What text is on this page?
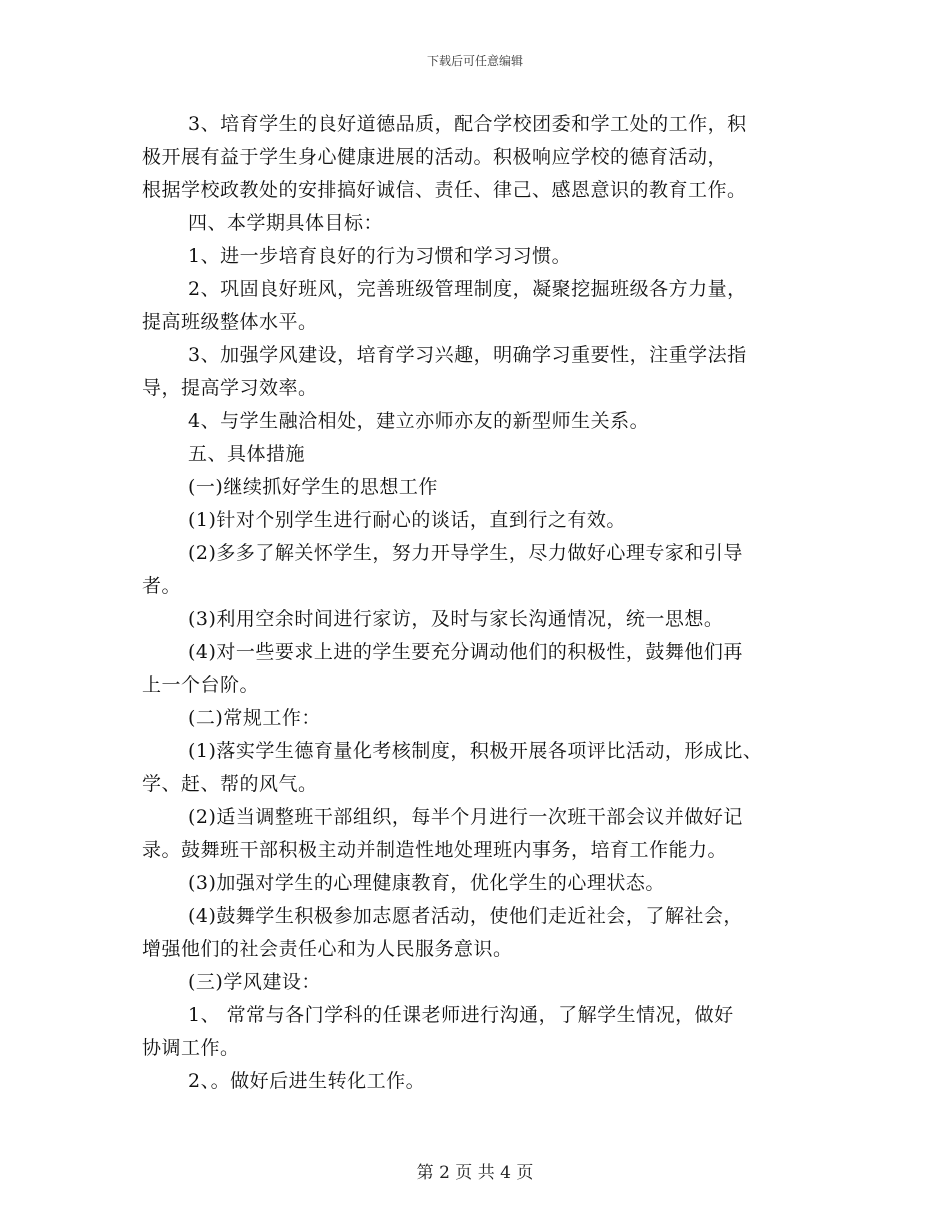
下载后可任意编辑

3、培育学生的良好道德品质，配合学校团委和学工处的工作，积

极开展有益于学生身心健康进展的活动。积极响应学校的德育活动，

根据学校政教处的安排搞好诚信、责任、律己、感恩意识的教育工作。

四、本学期具体目标：

1、进一步培育良好的行为习惯和学习习惯。

2、巩固良好班风，完善班级管理制度，凝聚挖掘班级各方力量，

提高班级整体水平。

3、加强学风建设，培育学习兴趣，明确学习重要性，注重学法指

导，提高学习效率。

4、与学生融洽相处，建立亦师亦友的新型师生关系。

五、具体措施

(一)继续抓好学生的思想工作

(1)针对个别学生进行耐心的谈话，直到行之有效。

(2)多多了解关怀学生，努力开导学生，尽力做好心理专家和引导

者。

(3)利用空余时间进行家访，及时与家长沟通情况，统一思想。

(4)对一些要求上进的学生要充分调动他们的积极性，鼓舞他们再

上一个台阶。

(二)常规工作：

(1)落实学生德育量化考核制度，积极开展各项评比活动，形成比、

学、赶、帮的风气。

(2)适当调整班干部组织，每半个月进行一次班干部会议并做好记

录。鼓舞班干部积极主动并制造性地处理班内事务，培育工作能力。

(3)加强对学生的心理健康教育，优化学生的心理状态。

(4)鼓舞学生积极参加志愿者活动，使他们走近社会，了解社会，

增强他们的社会责任心和为人民服务意识。

(三)学风建设：

1、 常常与各门学科的任课老师进行沟通，了解学生情况，做好

协调工作。

2、。做好后进生转化工作。

第 2 页 共 4 页
